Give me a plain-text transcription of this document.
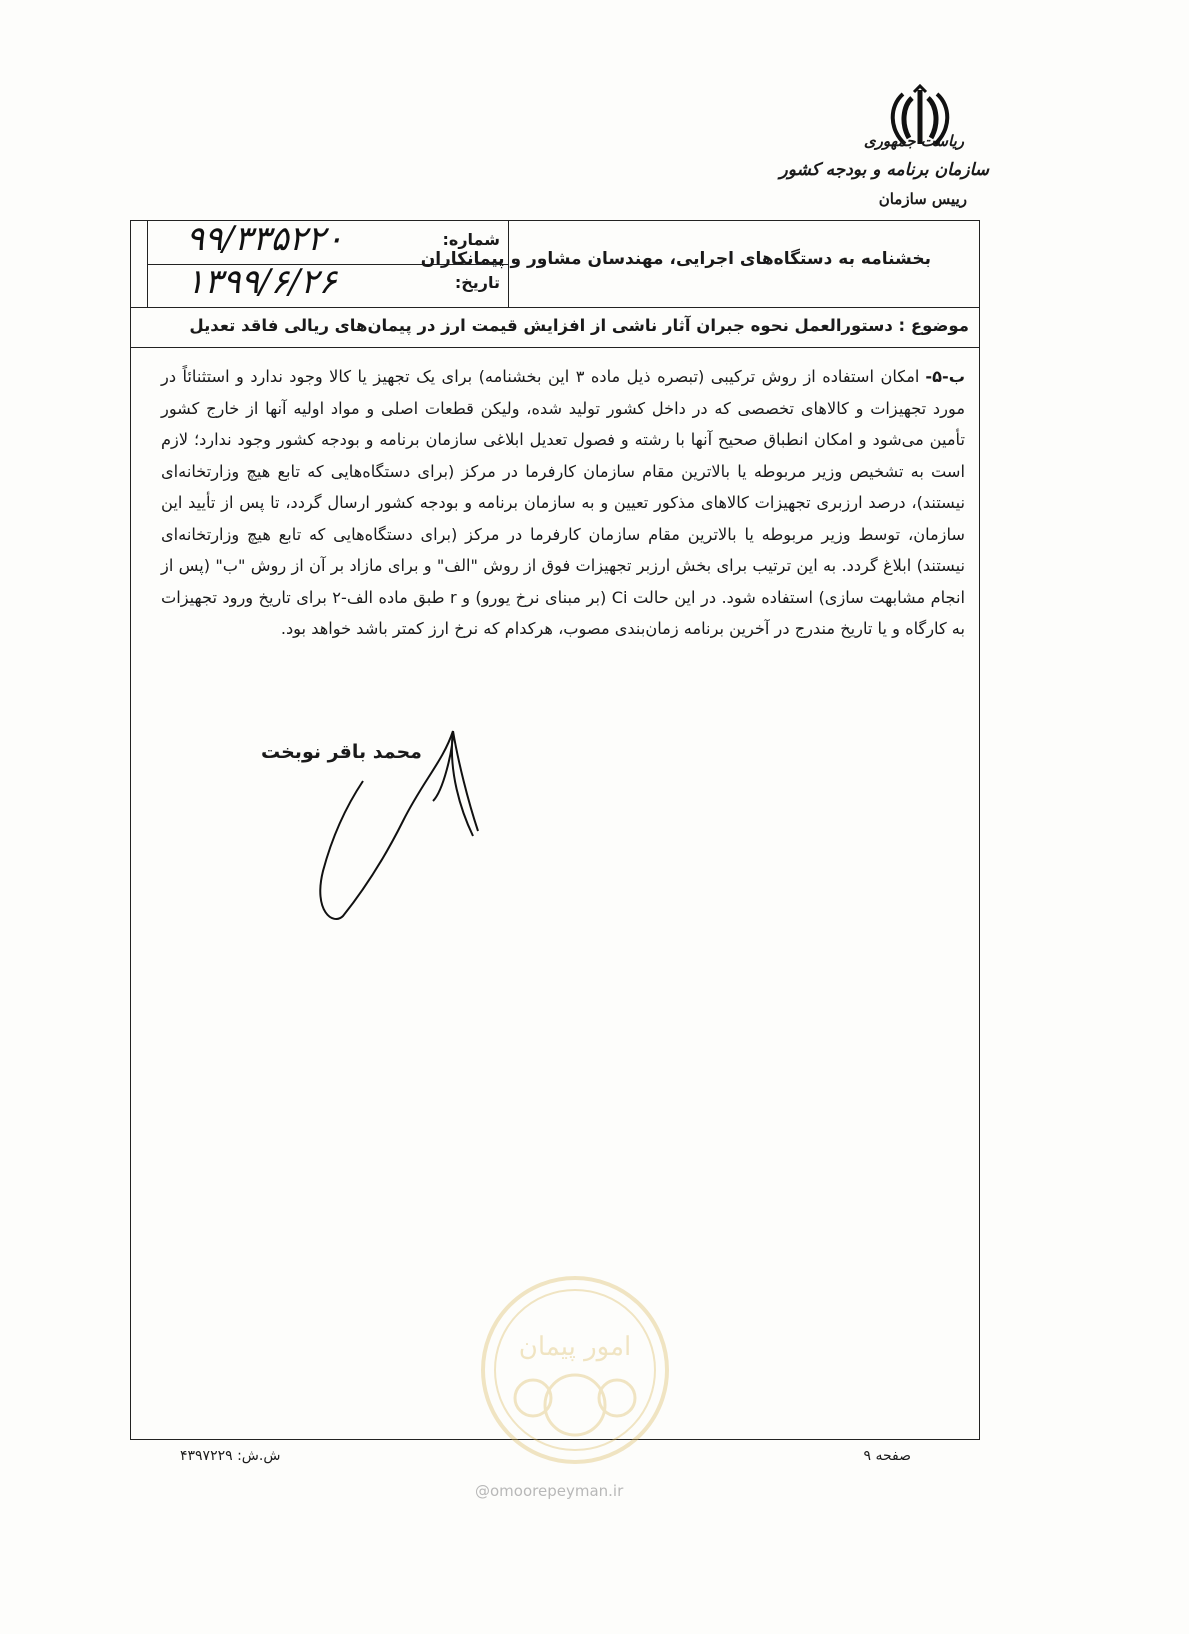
ریاست جمهوری
سازمان برنامه و بودجه کشور
رییس سازمان
شماره:
۹۹/۳۳۵۲۲۰
تاریخ:
۱۳۹۹/۶/۲۶
بخشنامه به دستگاه‌های اجرایی، مهندسان مشاور و پیمانکاران
موضوع : دستورالعمل نحوه جبران آثار ناشی از افزایش قیمت ارز در پیمان‌های ریالی فاقد تعدیل
ب-۵-امکان استفاده از روش ترکیبی (تبصره ذیل ماده ۳ این بخشنامه) برای یک تجهیز یا کالا وجود ندارد و استثنائاً در مورد تجهیزات و کالاهای تخصصی که در داخل کشور تولید شده، ولیکن قطعات اصلی و مواد اولیه آنها از خارج کشور تأمین می‌شود و امکان انطباق صحیح آنها با رشته و فصول تعدیل ابلاغی سازمان برنامه و بودجه کشور وجود ندارد؛ لازم است به تشخیص وزیر مربوطه یا بالاترین مقام سازمان کارفرما در مرکز (برای دستگاه‌هایی که تابع هیچ وزارتخانه‌ای نیستند)، درصد ارزبری تجهیزات کالاهای مذکور تعیین و به سازمان برنامه و بودجه کشور ارسال گردد، تا پس از تأیید این سازمان، توسط وزیر مربوطه یا بالاترین مقام سازمان کارفرما در مرکز (برای دستگاه‌هایی که تابع هیچ وزارتخانه‌ای نیستند) ابلاغ گردد. به این ترتیب برای بخش ارزبر تجهیزات فوق از روش "الف" و برای مازاد بر آن از روش "ب" (پس از انجام مشابهت سازی) استفاده شود. در این حالت Ci (بر مبنای نرخ یورو) و r طبق ماده الف-۲ برای تاریخ ورود تجهیزات به کارگاه و یا تاریخ مندرج در آخرین برنامه زمان‌بندی مصوب، هرکدام که نرخ ارز کمتر باشد خواهد بود.
محمد باقر نوبخت
امور پیمان
صفحه ۹
ش.ش: ۴۳۹۷۲۲۹
@omoorepeyman.ir
